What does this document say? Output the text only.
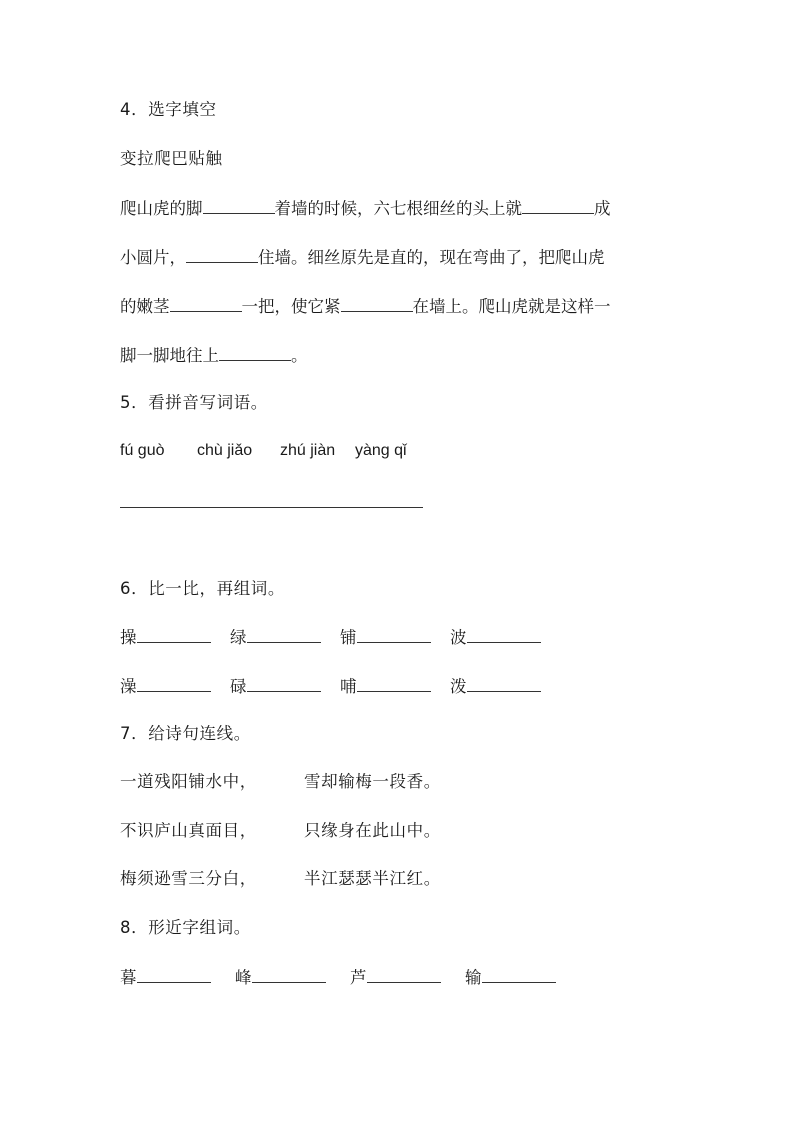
4．选字填空
变拉爬巴贴触
爬山虎的脚	着墙的时候，六七根细丝的头上就	成
小圆片，	住墙。细丝原先是直的，现在弯曲了，把爬山虎
的嫩茎	一把，使它紧	在墙上。爬山虎就是这样一
脚一脚地往上	。
5．看拼音写词语。
fú guò chù jiǎo zhú jiàn yàng qǐ
6．比一比，再组词。
操	绿	铺	波
澡	碌	哺	泼
7．给诗句连线。
一道残阳铺水中，	雪却输梅一段香。
不识庐山真面目，	只缘身在此山中。
梅须逊雪三分白，	半江瑟瑟半江红。
8．形近字组词。
暮	峰	芦	输
